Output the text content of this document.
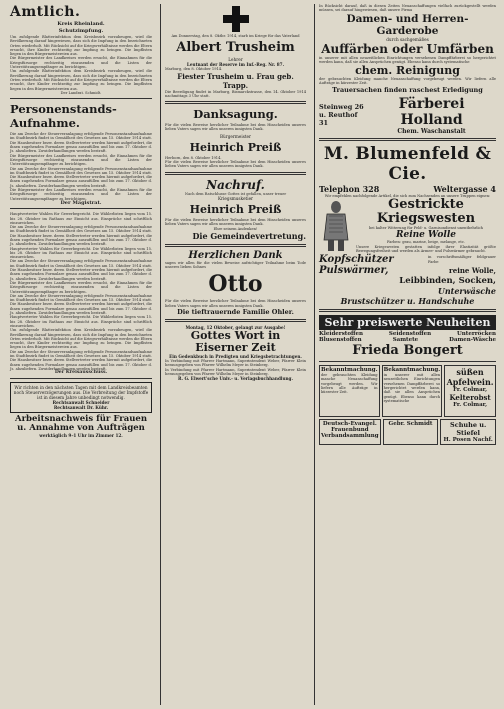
Amtlich.
Kreis Rheinland.
Schutzimpfung.
Um zufolgende Blatterinfektion dem Kreisbezirk vorzubeugen, wird die Bevölkerung darauf hingewiesen, dass sich die Impfung in den bezeichneten Orten wiederholt. Mit Rücksicht auf die Kriegsverhältnisse werden die Eltern ersucht, ihre Kinder rechtzeitig zur Impfung zu bringen. Die Impflisten liegen in den Bürgermeistereien aus.
Die Bürgermeister des Landkreises werden ersucht, die Einnahmen für die Kriegsfürsorge rechtzeitig einzusenden und die Listen der Unterstützungsempfänger zu berichtigen.
Um zufolgende Blatterinfektion dem Kreisbezirk vorzubeugen, wird die Bevölkerung darauf hingewiesen, dass sich die Impfung in den bezeichneten Orten wiederholt. Mit Rücksicht auf die Kriegsverhältnisse werden die Eltern ersucht, ihre Kinder rechtzeitig zur Impfung zu bringen. Die Impflisten liegen in den Bürgermeistereien aus.
Der Landrat. Schmidt.
Personenstands-Aufnahme.
Die am Zwecke der Steuerveranlagung erfolgende Personenstandsaufnahme im Stadtbezirk findet in Gemäßheit des Gesetzes am 15. Oktober 1914 statt. Die Hausbesitzer bezw. deren Stellvertreter werden hiermit aufgefordert, die ihnen zugehenden Formulare genau auszufüllen und bis zum 17. Oktober d. Js. abzuliefern. Zuwiderhandlungen werden bestraft.
Die Bürgermeister des Landkreises werden ersucht, die Einnahmen für die Kriegsfürsorge rechtzeitig einzusenden und die Listen der Unterstützungsempfänger zu berichtigen.
Die am Zwecke der Steuerveranlagung erfolgende Personenstandsaufnahme im Stadtbezirk findet in Gemäßheit des Gesetzes am 15. Oktober 1914 statt. Die Hausbesitzer bezw. deren Stellvertreter werden hiermit aufgefordert, die ihnen zugehenden Formulare genau auszufüllen und bis zum 17. Oktober d. Js. abzuliefern. Zuwiderhandlungen werden bestraft.
Die Bürgermeister des Landkreises werden ersucht, die Einnahmen für die Kriegsfürsorge rechtzeitig einzusenden und die Listen der Unterstützungsempfänger zu berichtigen.
Der Magistrat.
Hauptvertreter Wahlen für Gewerbegericht. Die Wählerlisten liegen vom 15. bis 28. Oktober im Rathaus zur Einsicht aus. Einsprüche sind schriftlich einzureichen.
Die am Zwecke der Steuerveranlagung erfolgende Personenstandsaufnahme im Stadtbezirk findet in Gemäßheit des Gesetzes am 15. Oktober 1914 statt. Die Hausbesitzer bezw. deren Stellvertreter werden hiermit aufgefordert, die ihnen zugehenden Formulare genau auszufüllen und bis zum 17. Oktober d. Js. abzuliefern. Zuwiderhandlungen werden bestraft.
Hauptvertreter Wahlen für Gewerbegericht. Die Wählerlisten liegen vom 15. bis 28. Oktober im Rathaus zur Einsicht aus. Einsprüche sind schriftlich einzureichen.
Die am Zwecke der Steuerveranlagung erfolgende Personenstandsaufnahme im Stadtbezirk findet in Gemäßheit des Gesetzes am 15. Oktober 1914 statt. Die Hausbesitzer bezw. deren Stellvertreter werden hiermit aufgefordert, die ihnen zugehenden Formulare genau auszufüllen und bis zum 17. Oktober d. Js. abzuliefern. Zuwiderhandlungen werden bestraft.
Die Bürgermeister des Landkreises werden ersucht, die Einnahmen für die Kriegsfürsorge rechtzeitig einzusenden und die Listen der Unterstützungsempfänger zu berichtigen.
Die am Zwecke der Steuerveranlagung erfolgende Personenstandsaufnahme im Stadtbezirk findet in Gemäßheit des Gesetzes am 15. Oktober 1914 statt. Die Hausbesitzer bezw. deren Stellvertreter werden hiermit aufgefordert, die ihnen zugehenden Formulare genau auszufüllen und bis zum 17. Oktober d. Js. abzuliefern. Zuwiderhandlungen werden bestraft.
Hauptvertreter Wahlen für Gewerbegericht. Die Wählerlisten liegen vom 15. bis 28. Oktober im Rathaus zur Einsicht aus. Einsprüche sind schriftlich einzureichen.
Um zufolgende Blatterinfektion dem Kreisbezirk vorzubeugen, wird die Bevölkerung darauf hingewiesen, dass sich die Impfung in den bezeichneten Orten wiederholt. Mit Rücksicht auf die Kriegsverhältnisse werden die Eltern ersucht, ihre Kinder rechtzeitig zur Impfung zu bringen. Die Impflisten liegen in den Bürgermeistereien aus.
Die am Zwecke der Steuerveranlagung erfolgende Personenstandsaufnahme im Stadtbezirk findet in Gemäßheit des Gesetzes am 15. Oktober 1914 statt. Die Hausbesitzer bezw. deren Stellvertreter werden hiermit aufgefordert, die ihnen zugehenden Formulare genau auszufüllen und bis zum 17. Oktober d. Js. abzuliefern. Zuwiderhandlungen werden bestraft.
Der Kreisausschuss.
Wir richten in den nächsten Tagen mit dem Landkreisbeamten noch Steuerverzögerungen aus. Die Verbreitung der Impfstoffe ist in diesem Jahre unbedingt notwendig.
Rechtsanwalt Schneider
Rechtsanwalt Dr. Kühr.
Arbeitsnachweis für Frauen u. Annahme von Aufträgen
werktäglich 9–1 Uhr im Zimmer 12.
Am Donnerstag, den 8. Oktbr. 1914, starb im Kriege für das Vaterland
Albert Trusheim
Lehrer
Leutnant der Reserve im Inf.-Reg. Nr. 87.
Marburg, den 8. Oktober 1914.
Fiester Trusheim u. Frau geb. Trapp.
Die Beerdigung findet in Marburg, Bismarckstrasse, den 14. Oktober 1914 nachmittags 3 Uhr statt.
Danksagung.
Für die vielen Beweise herzlicher Teilnahme bei dem Hinscheiden unseres lieben Vaters sagen wir allen unseren innigsten Dank.
Bürgermeister
Heinrich Preiß
Herborn, den 8. Oktober 1914.
Für die vielen Beweise herzlicher Teilnahme bei dem Hinscheiden unseres lieben Vaters sagen wir allen unseren innigsten Dank.
Nachruf.
Nach dem Ratschlusse Gottes ist gefallen, unser treuer
Kriegsmusketier
Heinrich Preiß
Für die vielen Beweise herzlicher Teilnahme bei dem Hinscheiden unseres lieben Vaters sagen wir allen unseren innigsten Dank.
Ehre seinem Andenken!
Die Gemeindevertretung.
Herzlichen Dank
sagen wir allen für die vielen Beweise aufrichtiger Teilnahme beim Tode unseres lieben Sohnes
Otto
Für die vielen Beweise herzlicher Teilnahme bei dem Hinscheiden unseres lieben Vaters sagen wir allen unseren innigsten Dank.
Die tieftrauernde Familie Ohler.
Montag, 12 Oktober, gelangt zur Ausgabe!
Gottes Wort in Eiserner Zeit
Ein Gedenkbuch in Predigten und Kriegsbetrachtungen.
In Verbindung mit Pfarrer Hartmann, Superintendent Weber, Pfarrer Klein herausgegeben von Pfarrer Wilhelm Meyer in Steinberg.
In Verbindung mit Pfarrer Hartmann, Superintendent Weber, Pfarrer Klein herausgegeben von Pfarrer Wilhelm Meyer in Steinberg.
R. G. Elwert'sche Univ.- u. Verlagsbuchhandlung.
In Rücksicht darauf, daß in diesen Zeiten Neuanschaffungen vielfach zurückgestellt werden müssen, sei darauf hingewiesen, daß unsere Firma
Damen- und Herren-Garderobe
durch sachgemäßes
Auffärben oder Umfärben
in unserer mit allen neuzeitlichen Einrichtungen versehenen Dampffärberei so hergerichtet werden kann, daß sie allen Ansprüchen genügt. Ebenso kann durch systematische
chem. Reinigung
der gebrauchten Kleidung manche Neuanschaffung vorgebeugt werden. Wir liefern alle Aufträge in kürzester Zeit.
Trauersachen finden raschest Erledigung
Steinweg 26
u. Reuthof 31
Färberei Holland
Chem. Waschanstalt
M. Blumenfeld & Cie.
Telephon 328	Weltergasse 4
Wir empfehlen nachfolgende Artikel, die sich zum Nachsenden an unsere Truppen eignen:
Gestrickte Kriegswesten
bei kalter Witterung für Feld- u. Garnisondienst unentbehrlich
Reine Wolle
Farben: grau, marine, beige, melange, etc.
Unsere Kriegswesten gestatten infolge ihrer Elastizität größte Bewegungsfreiheit und werden als Armee- und Pulswärmer gebraucht.
Kopfschützer	in vorschriftsmäßiger feldgrauer Farbe
Pulswärmer,	reine Wolle,
Leibbinden, Socken,
Unterwäsche
Brustschützer u. Handschuhe
Sehr preiswerte Neuheiten
Kleiderstoffen	Seidenstoffen	Unterröcken
Blusenstoffen	Samtete	Damen-Wäsche
Frieda Bongert
Bekanntmachung.
der gebrauchten Kleidung manche Neuanschaffung vorgebeugt werden. Wir liefern alle Aufträge in kürzester Zeit.
Bekanntmachung.
in unserer mit allen neuzeitlichen Einrichtungen versehenen Dampffärberei so hergerichtet werden kann, daß sie allen Ansprüchen genügt. Ebenso kann durch systematische
süßen Apfelwein.
Fr. Colmar,
Kelterobst
Fr. Colmar,
Deutsch-Evangel. Frauenbund
Verbandsammlung
Gebr. Schmidt	Schuhe u. Stiefel
H. Posen Nachf.
